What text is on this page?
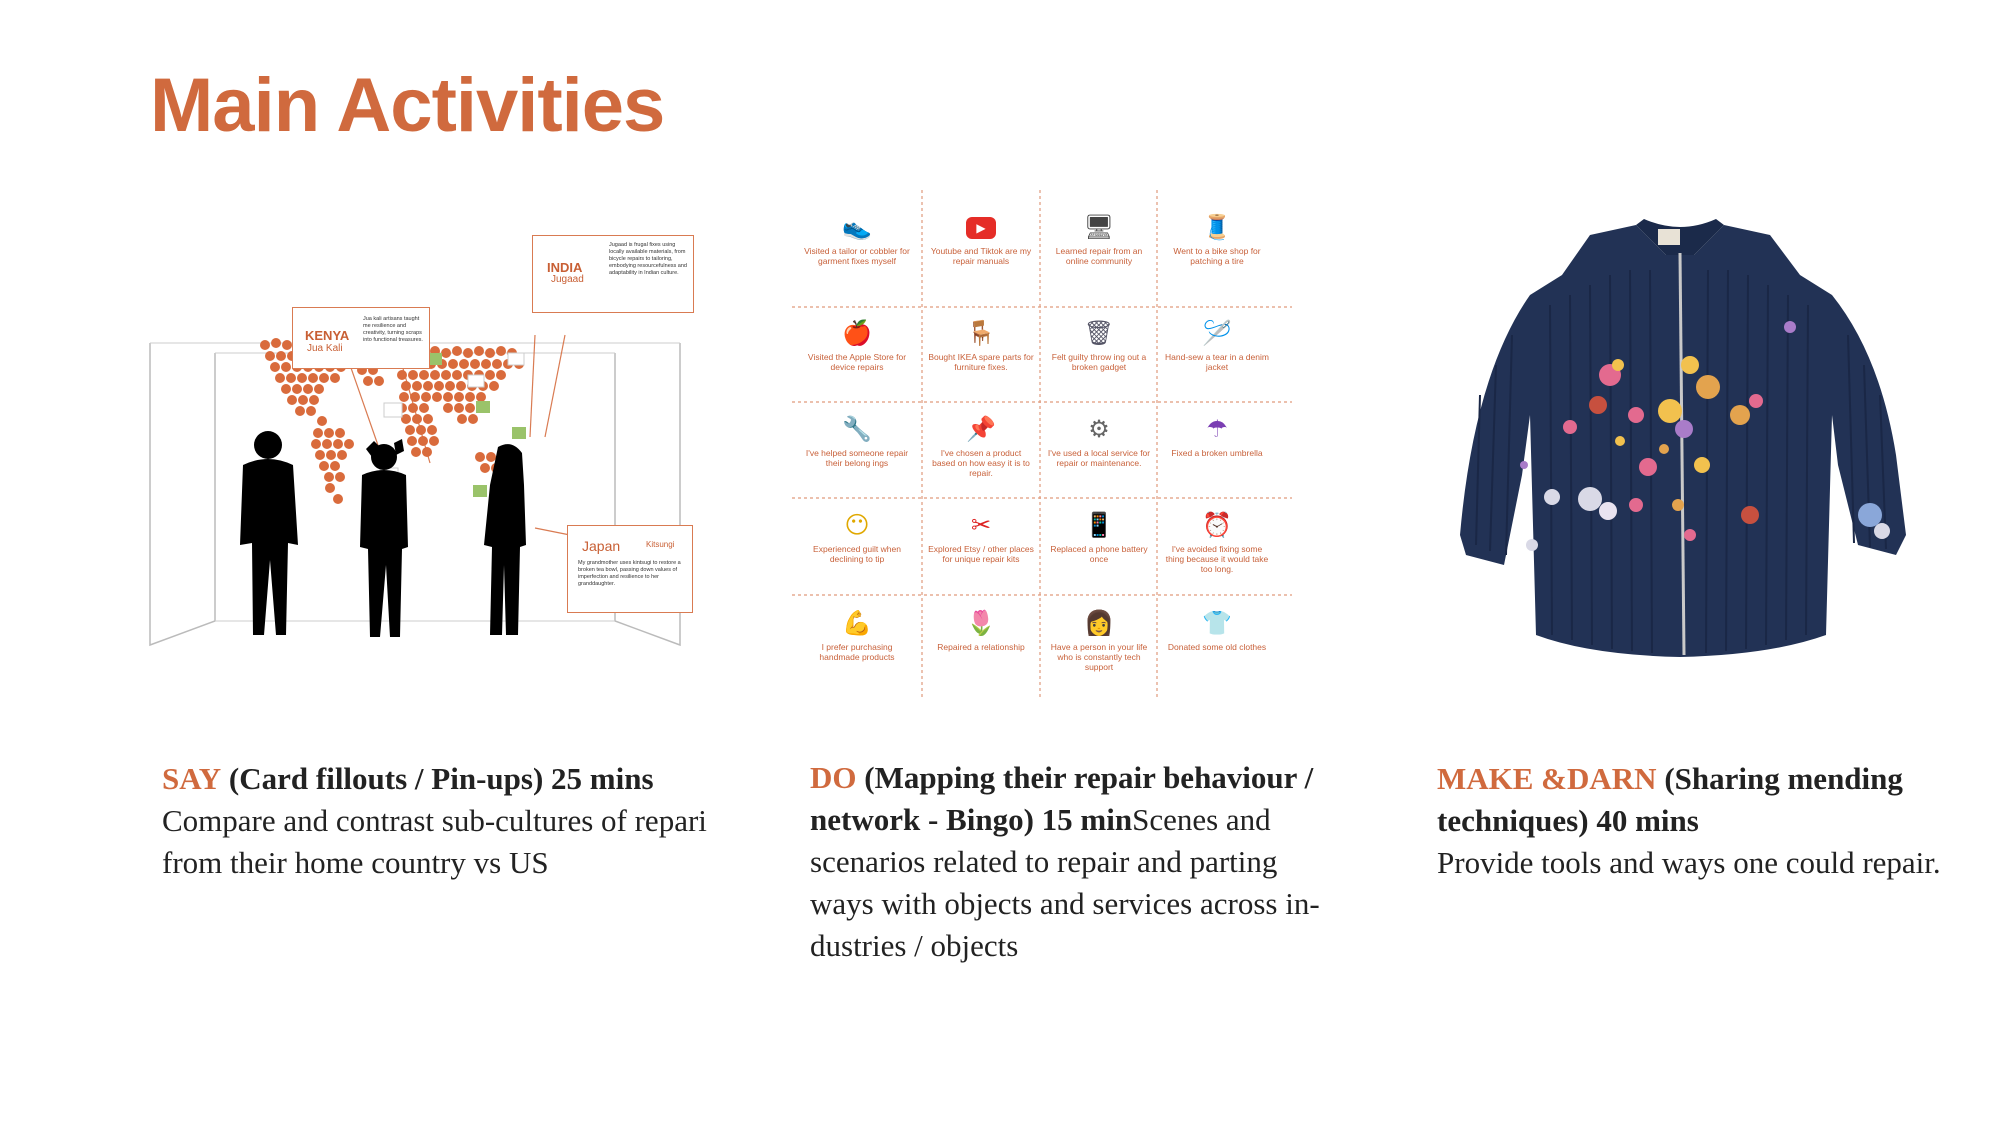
Main Activities
KENYA
Jua Kali
Jua kali artisans taught me resilience and creativity, turning scraps into functional treasures.
INDIA
Jugaad
Jugaad is frugal fixes using locally available materials, from bicycle repairs to tailoring, embodying resourcefulness and adaptability in Indian culture.
Japan	Kitsungi
My grandmother uses kintsugi to restore a broken tea bowl, passing down values of imperfection and resilience to her granddaughter.
👟
Visited a tailor or cobbler for garment fixes myself
▶
Youtube and Tiktok are my repair manuals
🖥
Learned repair from an online community
🧵
Went to a bike shop for patching a tire
🍎
Visited the Apple Store for device repairs
🪑
Bought IKEA spare parts for furniture fixes.
🗑
Felt guilty throw ing out a broken gadget
🪡
Hand-sew a tear in a denim jacket
🔧
I've helped someone repair their belong ings
📌
I've chosen a product based on how easy it is to repair.
⚙
I've used a local service for repair or maintenance.
☂
Fixed a broken umbrella
😶
Experienced guilt when declining to tip
✂
Explored Etsy / other places for unique repair kits
📱
Replaced a phone battery once
⏰
I've avoided fixing some thing because it would take too long.
💪
I prefer purchasing handmade products
🌷
Repaired a relationship
👩
Have a person in your life who is constantly tech support
👕
Donated some old clothes
SAY (Card fillouts / Pin-ups) 25 mins
Compare and contrast sub-cultures of repari from their home country vs US
DO (Mapping their repair behaviour / network - Bingo) 15 minScenes and scenarios related to repair and parting ways with objects and services across in- dustries / objects
MAKE &DARN (Sharing mending techniques) 40 mins
Provide tools and ways one could repair.
